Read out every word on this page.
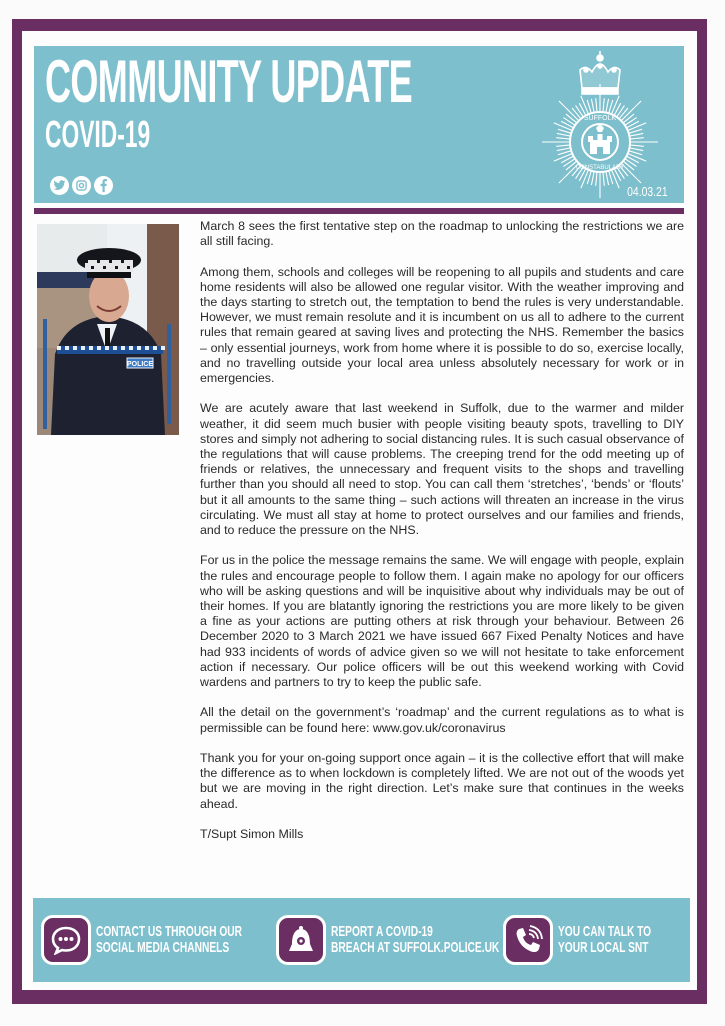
COMMUNITY UPDATE
COVID-19	SUFFOLK
CONSTABULARY
04.03.21
POLICE

March 8 sees the first tentative step on the roadmap to unlocking the restrictions we are all still facing.

Among them, schools and colleges will be reopening to all pupils and students and care home residents will also be allowed one regular visitor. With the weather improving and the days starting to stretch out, the temptation to bend the rules is very understandable. However, we must remain resolute and it is incumbent on us all to adhere to the current rules that remain geared at saving lives and protecting the NHS. Remember the basics – only essential journeys, work from home where it is possible to do so, exercise locally, and no travelling outside your local area unless absolutely necessary for work or in emergencies.

We are acutely aware that last weekend in Suffolk, due to the warmer and milder weather, it did seem much busier with people visiting beauty spots, travelling to DIY stores and simply not adhering to social distancing rules. It is such casual observance of the regulations that will cause problems. The creeping trend for the odd meeting up of friends or relatives, the unnecessary and frequent visits to the shops and travelling further than you should all need to stop. You can call them ‘stretches’, ‘bends’ or ‘flouts’ but it all amounts to the same thing – such actions will threaten an increase in the virus circulating. We must all stay at home to protect ourselves and our families and friends, and to reduce the pressure on the NHS.

For us in the police the message remains the same. We will engage with people, explain the rules and encourage people to follow them. I again make no apology for our officers who will be asking questions and will be inquisitive about why individuals may be out of their homes. If you are blatantly ignoring the restrictions you are more likely to be given a fine as your actions are putting others at risk through your behaviour. Between 26 December 2020 to 3 March 2021 we have issued 667 Fixed Penalty Notices and have had 933 incidents of words of advice given so we will not hesitate to take enforcement action if necessary. Our police officers will be out this weekend working with Covid wardens and partners to try to keep the public safe.

All the detail on the government’s ‘roadmap’ and the current regulations as to what is permissible can be found here: www.gov.uk/coronavirus

Thank you for your on-going support once again – it is the collective effort that will make the difference as to when lockdown is completely lifted. We are not out of the woods yet but we are moving in the right direction. Let’s make sure that continues in the weeks ahead.

T/Supt Simon Mills

CONTACT US THROUGH OUR
SOCIAL MEDIA CHANNELS
REPORT A COVID-19
BREACH AT SUFFOLK.POLICE.UK
YOU CAN TALK TO
YOUR LOCAL SNT
